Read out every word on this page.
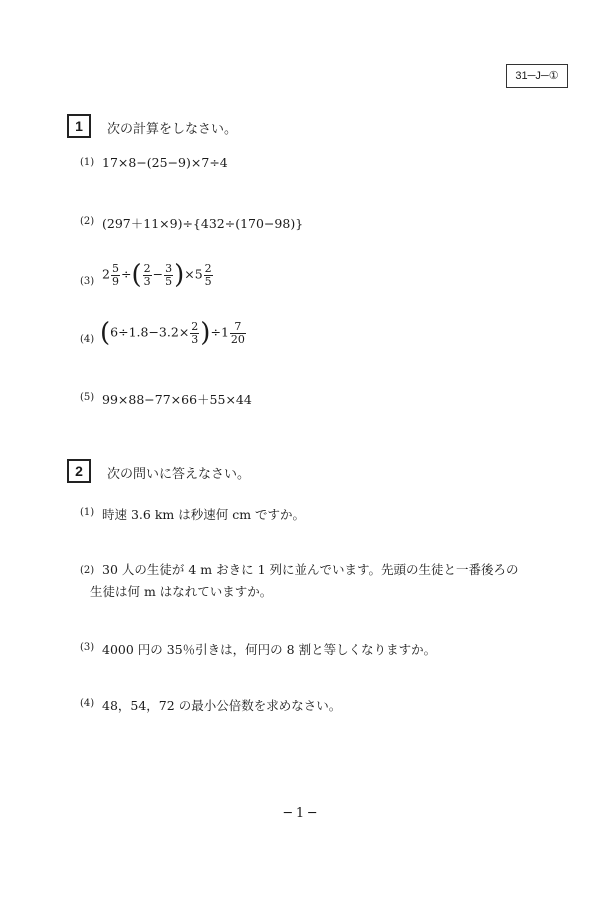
31─J─①
1	次の計算をしなさい。
(1) 17×8−(25−9)×7÷4
(2) (297＋11×9)÷{432÷(170−98)}
(3) $2 \frac{5}{9}$ ÷( $\frac{2}{3} - \frac{3}{5} )\times 5 \frac{2}{5}$
(4) $(6\div 1.8-3.2\times \frac{2}{3} )\div 1 \frac{7}{20}$
(5) 99×88−77×66＋55×44
2	次の問いに答えなさい。
(1) 時速 3.6 km は秒速何 cm ですか。
(2) 30 人の生徒が 4 m おきに 1 列に並んでいます。先頭の生徒と一番後ろの生徒は何 m はなれていますか。
(3) 4000 円の 35％引きは，何円の 8 割と等しくなりますか。
(4) 48，54，72 の最小公倍数を求めなさい。
─ 1 ─
